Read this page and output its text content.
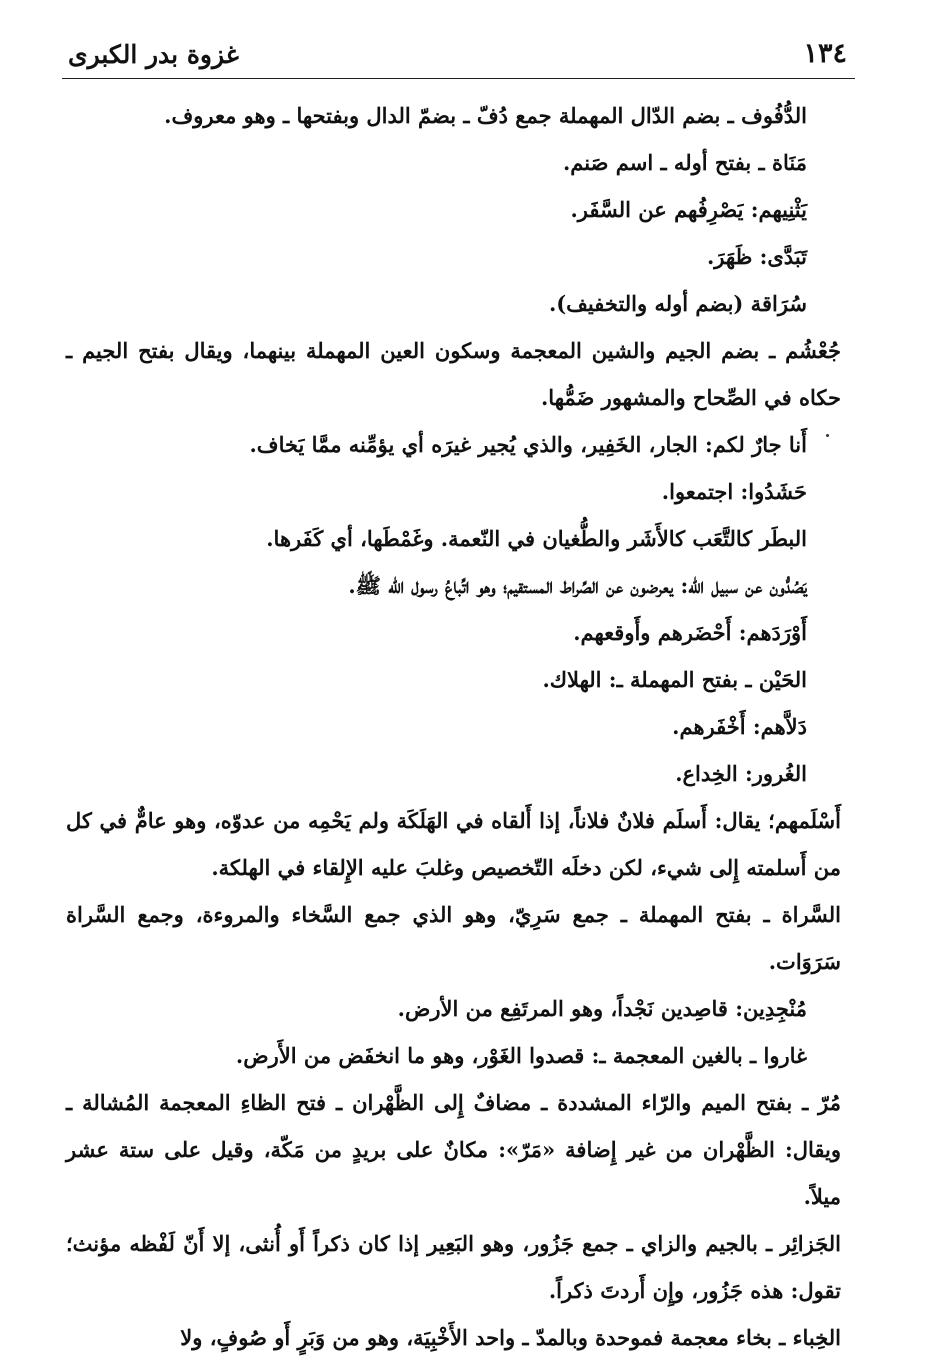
١٣٤
غزوة بدر الكبرى

الدُّفُوف ـ بضم الدّال المهملة جمع دُفّ ـ بضمّ الدال وبفتحها ـ وهو معروف.

مَنَاة ـ بفتح أوله ـ اسم صَنم.

يَثْنِيهم: يَصْرِفُهم عن السَّفَر.

تَبَدَّى: ظَهَرَ.

سُرَاقة (بضم أوله والتخفيف).

جُعْشُم ـ بضم الجيم والشين المعجمة وسكون العين المهملة بينهما، ويقال بفتح الجيم ـ حكاه في الصِّحاح والمشهور ضَمُّها.

أَنا جارٌ لكم: الجار، الخَفِير، والذي يُجير غيرَه أي يؤمِّنه ممَّا يَخاف.

حَشَدُوا: اجتمعوا.

البطَر كالتَّعَب كالأَشَر والطُّغيان في النّعمة. وغَمْطَها، أي كَفَرها.

يَصُدُّون عن سبيل الله: يعرضون عن الصِّراط المستقيم؛ وهو اتِّباعُ رسول الله ﷺ.

أَوْرَدَهم: أَحْضَرهم وأَوقعهم.

الحَيْن ـ بفتح المهملة ـ: الهلاك.

دَلاَّهم: أَخْفَرهم.

الغُرور: الخِداع.

أَسْلَمهم؛ يقال: أَسلَم فلانٌ فلاناً، إذا أَلقاه في الهَلَكَة ولم يَحْمِه من عدوّه، وهو عامٌّ في كل من أَسلمته إِلى شيء، لكن دخلَه التّخصيص وغلبَ عليه الإِلقاء في الهلكة.

السَّراة ـ بفتح المهملة ـ جمع سَرِيّ، وهو الذي جمع السَّخاء والمروءة، وجمع السَّراة سَرَوَات.

مُنْجِدِين: قاصِدين نَجْداً، وهو المرتَفِع من الأرض.

غاروا ـ بالغين المعجمة ـ: قصدوا الغَوْر، وهو ما انخفَض من الأَرض.

مُرّ ـ بفتح الميم والرّاء المشددة ـ مضافٌ إِلى الظَّهْران ـ فتح الظاءِ المعجمة المُشالة ـ ويقال: الظَّهْران من غير إِضافة «مَرّ»: مكانٌ على بريدٍ من مَكّة، وقيل على ستة عشر ميلاً.

الجَزائِر ـ بالجيم والزاي ـ جمع جَزُور، وهو البَعِير إذا كان ذكراً أَو أُنثى، إلا أَنّ لَفْظه مؤنث؛ تقول: هذه جَزُور، وإِن أَردتَ ذكراً.

الخِباء ـ بخاء معجمة فموحدة وبالمدّ ـ واحد الأَخْبِيَة، وهو من وَبَرٍ أَو صُوفٍ، ولا
